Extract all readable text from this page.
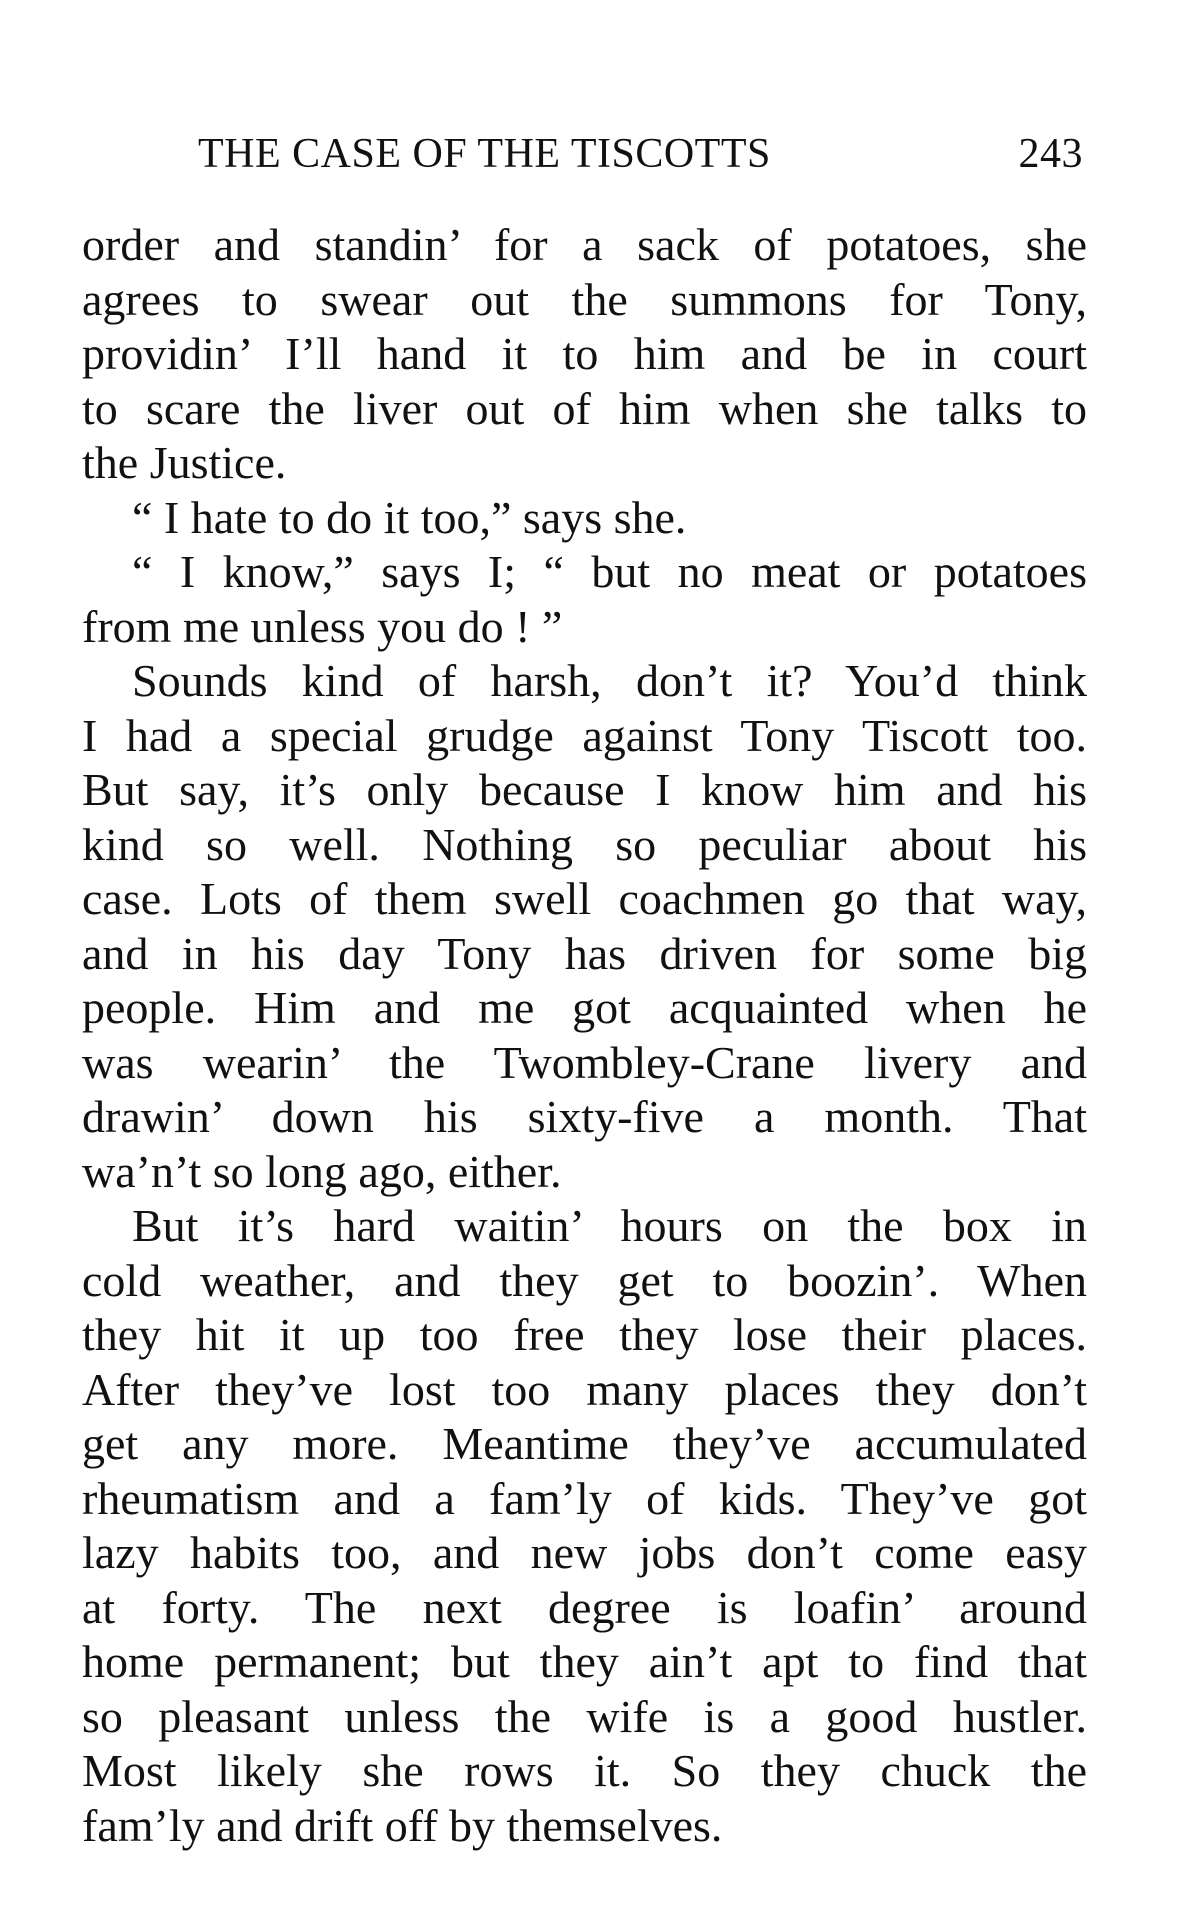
THE CASE OF THE TISCOTTS	243
order and standin’ for a sack of potatoes, she
agrees to swear out the summons for Tony,
providin’ I’ll hand it to him and be in court
to scare the liver out of him when she talks to
the Justice.
“ I hate to do it too,” says she.
“ I know,” says I; “ but no meat or potatoes
from me unless you do ! ”
Sounds kind of harsh, don’t it? You’d think
I had a special grudge against Tony Tiscott too.
But say, it’s only because I know him and his
kind so well. Nothing so peculiar about his
case. Lots of them swell coachmen go that way,
and in his day Tony has driven for some big
people. Him and me got acquainted when he
was wearin’ the Twombley-Crane livery and
drawin’ down his sixty-five a month. That
wa’n’t so long ago, either.
But it’s hard waitin’ hours on the box in
cold weather, and they get to boozin’. When
they hit it up too free they lose their places.
After they’ve lost too many places they don’t
get any more. Meantime they’ve accumulated
rheumatism and a fam’ly of kids. They’ve got
lazy habits too, and new jobs don’t come easy
at forty. The next degree is loafin’ around
home permanent; but they ain’t apt to find that
so pleasant unless the wife is a good hustler.
Most likely she rows it. So they chuck the
fam’ly and drift off by themselves.
